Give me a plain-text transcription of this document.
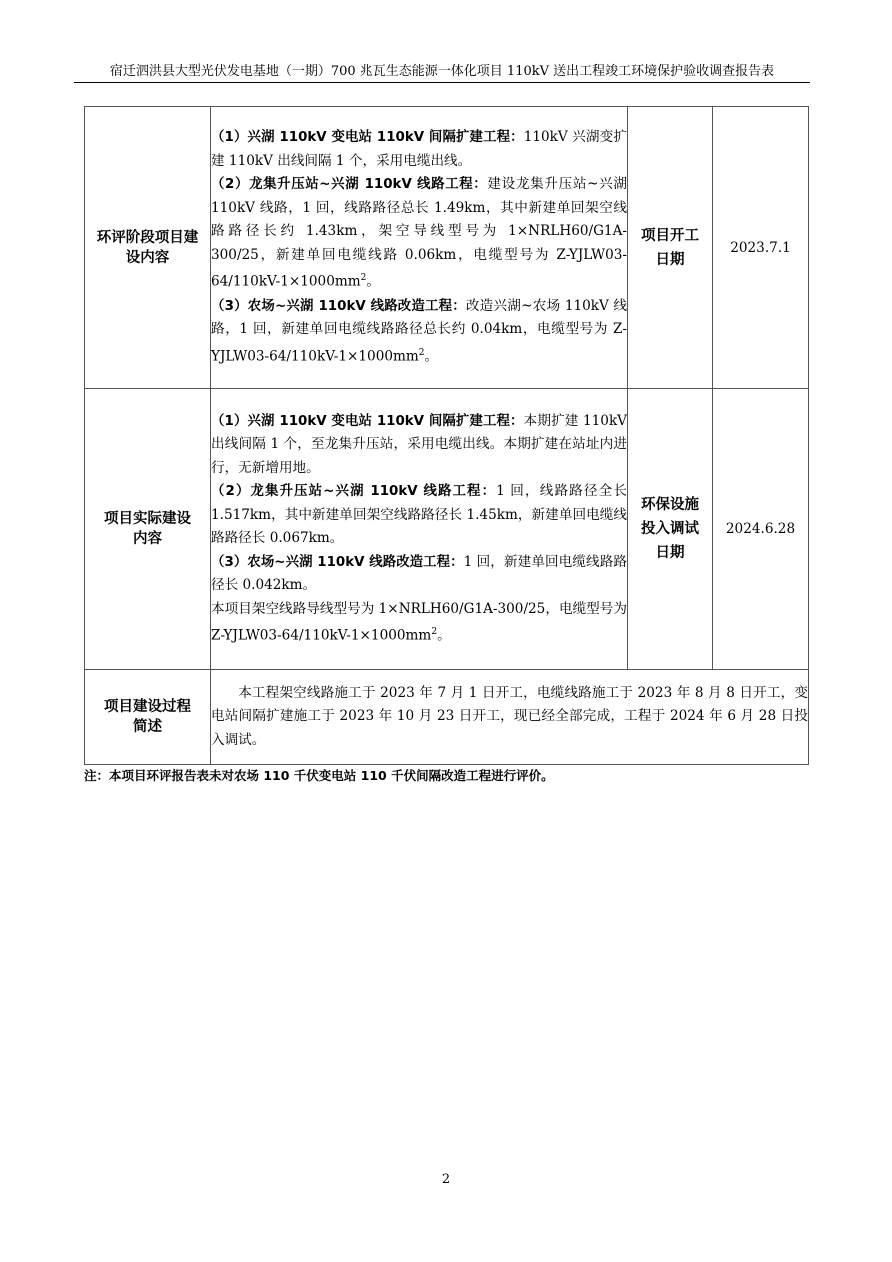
宿迁泗洪县大型光伏发电基地（一期）700 兆瓦生态能源一体化项目 110kV 送出工程竣工环境保护验收调查报告表
环评阶段项目建设内容	（1）兴湖 110kV 变电站 110kV 间隔扩建工程：110kV 兴湖变扩建 110kV 出线间隔 1 个，采用电缆出线。

（2）龙集升压站~兴湖 110kV 线路工程：建设龙集升压站~兴湖 110kV 线路，1 回，线路路径总长 1.49km，其中新建单回架空线路路径长约 1.43km，架空导线型号为 1×NRLH60/G1A-300/25，新建单回电缆线路 0.06km，电缆型号为 $Z-YJLW03-64/110kV-1\times 1000mm^2$。

（3）农场~兴湖 110kV 线路改造工程：改造兴湖~农场 110kV 线路，1 回，新建单回电缆线路路径总长约 0.04km，电缆型号为 $Z-YJLW03-64/110kV-1\times 1000mm^2$。	项目开工日期	2023.7.1

项目实际建设内容	（1）兴湖 110kV 变电站 110kV 间隔扩建工程：本期扩建 110kV 出线间隔 1 个，至龙集升压站，采用电缆出线。本期扩建在站址内进行，无新增用地。

（2）龙集升压站~兴湖 110kV 线路工程：1 回，线路路径全长 1.517km，其中新建单回架空线路路径长 1.45km，新建单回电缆线路路径长 0.067km。

（3）农场~兴湖 110kV 线路改造工程：1 回，新建单回电缆线路路径长 0.042km。

本项目架空线路导线型号为 1×NRLH60/G1A-300/25，电缆型号为 $Z-YJLW03-64/110kV-1\times 1000mm^2$。	环保设施投入调试日期	2024.6.28

项目建设过程简述	本工程架空线路施工于 2023 年 7 月 1 日开工，电缆线路施工于 2023 年 8 月 8 日开工，变电站间隔扩建施工于 2023 年 10 月 23 日开工，现已经全部完成，工程于 2024 年 6 月 28 日投入调试。		

注：本项目环评报告表未对农场 110 千伏变电站 110 千伏间隔改造工程进行评价。
2
